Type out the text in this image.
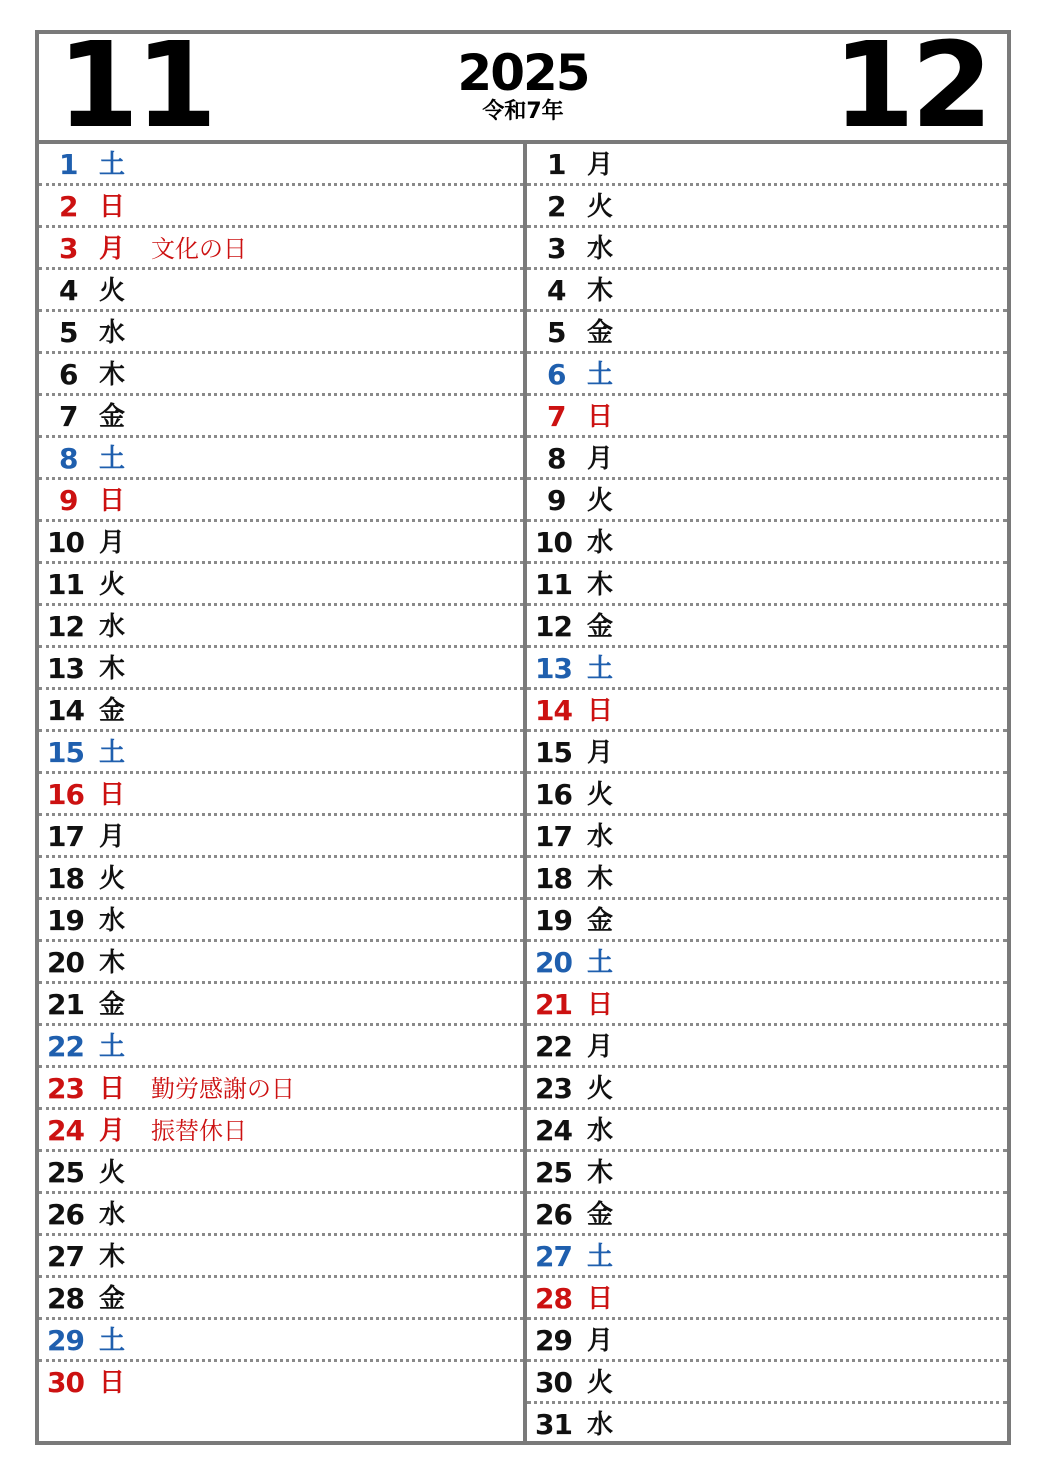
11	2025
令和7年	12
1 土
2 日
3 月 文化の日
4 火
5 水
6 木
7 金
8 土
9 日
10 月
11 火
12 水
13 木
14 金
15 土
16 日
17 月
18 火
19 水
20 木
21 金
22 土
23 日 勤労感謝の日
24 月 振替休日
25 火
26 水
27 木
28 金
29 土
30 日
1 月
2 火
3 水
4 木
5 金
6 土
7 日
8 月
9 火
10 水
11 木
12 金
13 土
14 日
15 月
16 火
17 水
18 木
19 金
20 土
21 日
22 月
23 火
24 水
25 木
26 金
27 土
28 日
29 月
30 火
31 水
